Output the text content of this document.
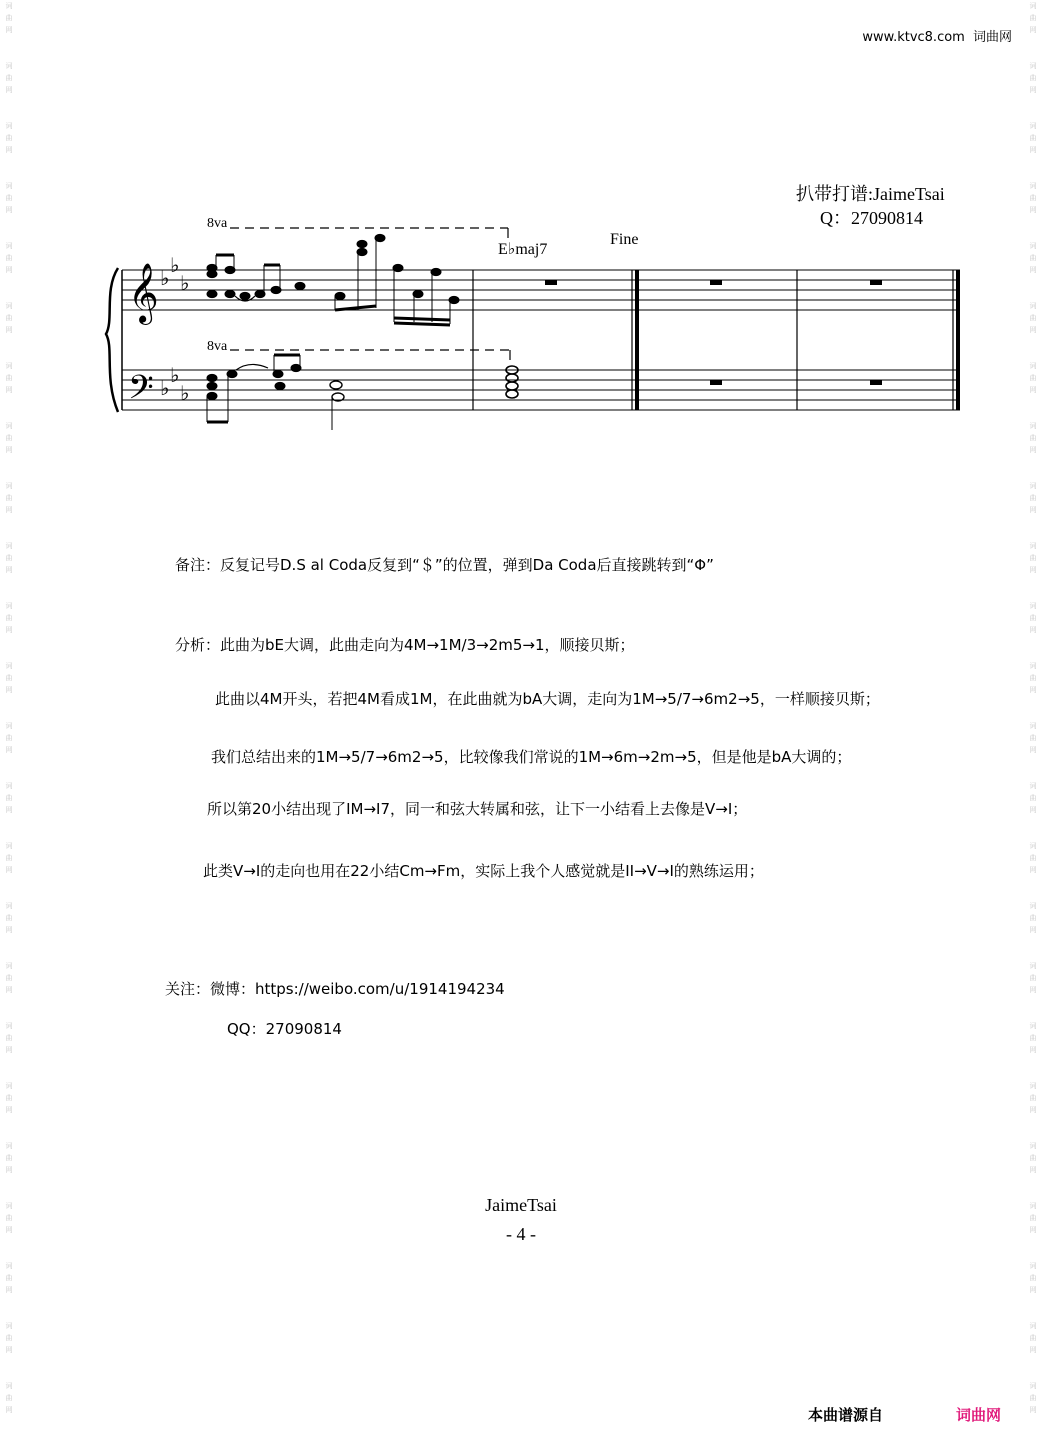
词
曲
网
词
曲
网
词
曲
网
词
曲
网
词
曲
网
词
曲
网
词
曲
网
词
曲
网
词
曲
网
词
曲
网
词
曲
网
词
曲
网
词
曲
网
词
曲
网
词
曲
网
词
曲
网
词
曲
网
词
曲
网
词
曲
网
词
曲
网
词
曲
网
词
曲
网
词
曲
网
词
曲
网
词
曲
网
词
曲
网
词
曲
网
词
曲
网
词
曲
网
词
曲
网
词
曲
网
词
曲
网
词
曲
网
词
曲
网
词
曲
网
词
曲
网
词
曲
网
词
曲
网
词
曲
网
词
曲
网
词
曲
网
词
曲
网
词
曲
网
词
曲
网
词
曲
网
词
曲
网
词
曲
网
词
曲
网
www.ktvc8.com 词曲网
扒带打谱:JaimeTsai
Q：27090814
8va
8va
E♭maj7
Fine
𝄞
𝄢
♭
♭
♭
♭
♭
♭

备注：反复记号D.S al Coda反复到“＄”的位置，弹到Da Coda后直接跳转到“Φ”

分析：此曲为bE大调，此曲走向为4M→1M/3→2m5→1，顺接贝斯；

此曲以4M开头，若把4M看成1M，在此曲就为bA大调，走向为1M→5/7→6m2→5，一样顺接贝斯；

我们总结出来的1M→5/7→6m2→5，比较像我们常说的1M→6m→2m→5，但是他是bA大调的；

所以第20小结出现了IM→I7，同一和弦大转属和弦，让下一小结看上去像是V→I；

此类V→I的走向也用在22小结Cm→Fm，实际上我个人感觉就是II→V→I的熟练运用；

关注：微博：https://weibo.com/u/1914194234

QQ：27090814

JaimeTsai
- 4 -
本曲谱源自	词曲网
